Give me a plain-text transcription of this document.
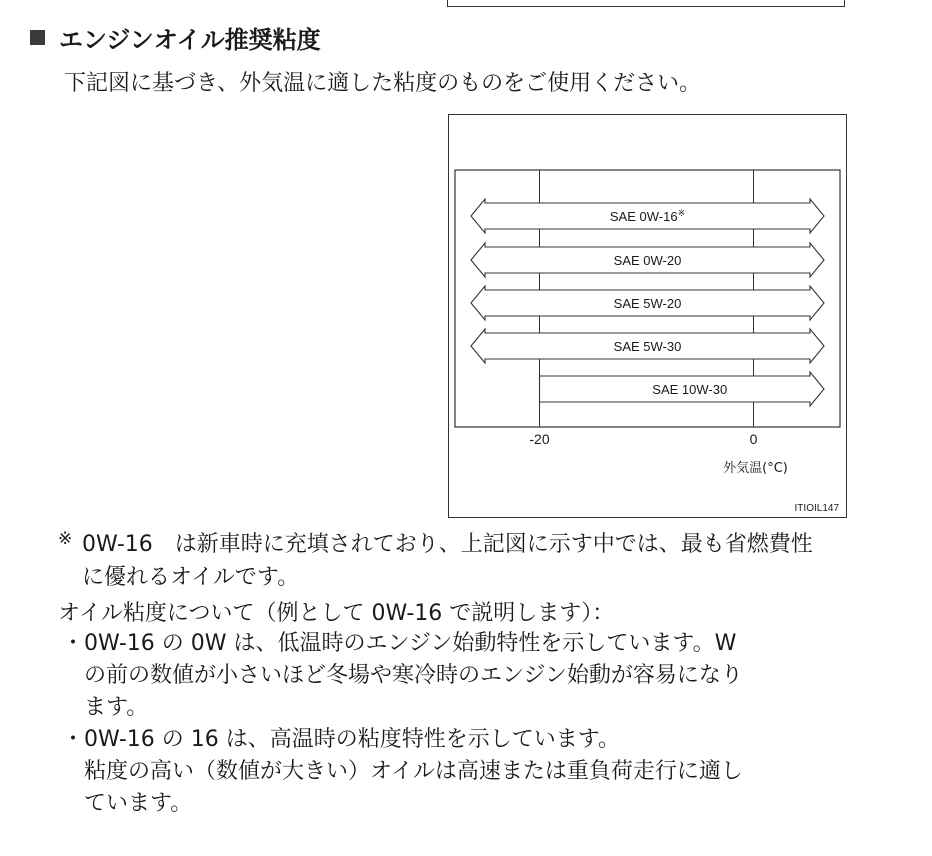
エンジンオイル推奨粘度
下記図に基づき、外気温に適した粘度のものをご使用ください。
SAE 0W-16※
SAE 0W-20
SAE 5W-20
SAE 5W-30
SAE 10W-30
-20	0
外気温(°C)
ITIOIL147
※ 0W-16　は新車時に充填されており、上記図に示す中では、最も省燃費性
に優れるオイルです。
オイル粘度について（例として 0W-16 で説明します）：
・ 0W-16 の 0W は、低温時のエンジン始動特性を示しています。W
の前の数値が小さいほど冬場や寒冷時のエンジン始動が容易になり
ます。
・ 0W-16 の 16 は、高温時の粘度特性を示しています。
粘度の高い（数値が大きい）オイルは高速または重負荷走行に適し
ています。
